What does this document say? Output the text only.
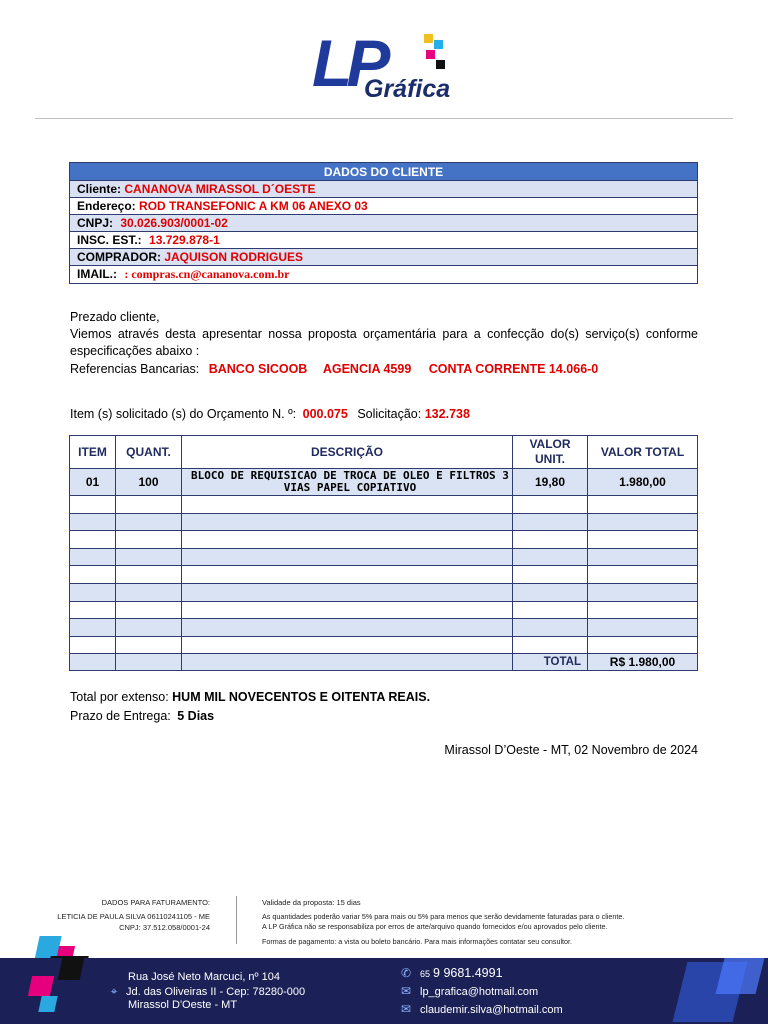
LP
Gráfica
DADOS DO CLIENTE
Cliente: CANANOVA MIRASSOL D´OESTE
Endereço: ROD TRANSEFONIC A KM 06 ANEXO 03
CNPJ: 30.026.903/0001-02
INSC. EST.: 13.729.878-1
COMPRADOR: JAQUISON RODRIGUES
IMAIL.: : compras.cn@cananova.com.br
Prezado cliente,
Viemos através desta apresentar nossa proposta orçamentária para a confecção do(s) serviço(s) conforme especificações abaixo :
Referencias Bancarias: BANCO SICOOB AGENCIA 4599 CONTA CORRENTE 14.066-0
Item (s) solicitado (s) do Orçamento N. º: 000.075 Solicitação: 132.738
ITEM	QUANT.	DESCRIÇÃO	VALOR UNIT.	VALOR TOTAL
01	100	BLOCO DE REQUISICAO DE TROCA DE OLEO E FILTROS 3 VIAS PAPEL COPIATIVO	19,80	1.980,00

			TOTAL	R$ 1.980,00
Total por extenso: HUM MIL NOVECENTOS E OITENTA REAIS.
Prazo de Entrega: 5 Dias
Mirassol D’Oeste - MT, 02 Novembro de 2024
DADOS PARA FATURAMENTO:
LETICIA DE PAULA SILVA 06110241105 - ME
CNPJ: 37.512.058/0001-24
Validade da proposta: 15 dias
As quantidades poderão variar 5% para mais ou 5% para menos que serão devidamente faturadas para o cliente.
A LP Gráfica não se responsabiliza por erros de arte/arquivo quando fornecidos e/ou aprovados pelo cliente.
Formas de pagamento: a vista ou boleto bancário. Para mais informações contatar seu consultor.
Rua José Neto Marcuci, nº 104
⌖ Jd. das Oliveiras II - Cep: 78280-000
Mirassol D'Oeste - MT
✆ 65 9 9681.4991
✉ lp_grafica@hotmail.com
✉ claudemir.silva@hotmail.com
